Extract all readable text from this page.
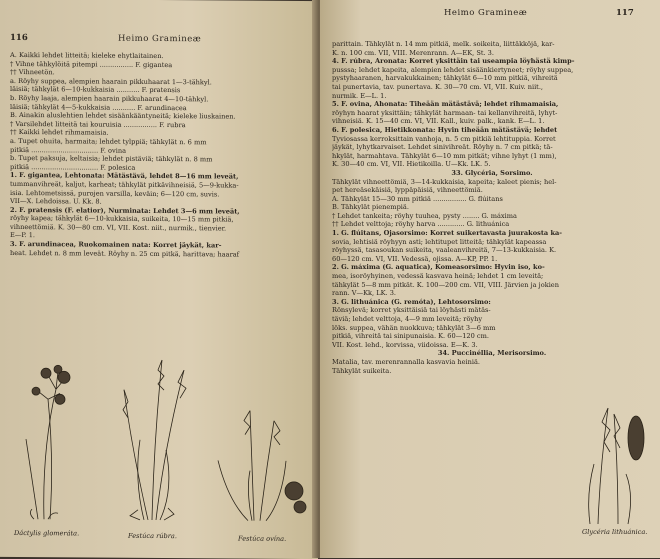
116	Heimo Gramineæ
A. Kaikki lehdet litteitä; kieleke ehytlaitainen.
† Vihne tähkylöitä pitempi ................ F. gigantea
†† Vihneetön.
a. Röyhy suppea, alempien haarain pikkuhaarat 1—3-tähkyl.
läisiä; tähkylät 6—10-kukkaisia ........... F. pratensis
b. Röyhy laaja, alempien haarain pikkuhaarat 4—10-tähkyl.
läisiä; tähkylät 4—5-kukkaisia ........... F. arundinacea
B. Ainakin aluslehtien lehdet sisäänkääntyneitä; kieleke liuskainen.
† Varsilehdet litteitä tai kouruisia ................ F. rubra
†† Kaikki lehdet rihmamaisia.
a. Tupet ohuita, harmaita; lehdet tylppiä; tähkylät n. 6 mm
pitkiä ................................ F. ovina
b. Tupet paksuja, keltaisia; lehdet pistäviä; tähkylät n. 8 mm
pitkiä ................................ F. polesica
1. F. gigantea, Lehtonata: Mätästävä, lehdet 8—16 mm leveät,
tummanvihreät, kaljut, karheat; tähkylät pitkävihneisiä, 5—9-kukka-
isia. Lehtometsissä, purojen varsilla, keväin; 6—120 cm, suvis.
VII—X. Lehdoissa. U. Kk. 8.
2. F. pratensis (F. elatior), Nurminata: Lehdet 3—6 mm leveät,
röyhy kapea; tähkylät 6—10-kukkaisia, suikeita, 10—15 mm pitkiä,
vihneettömiä. K. 30—80 cm. VI, VII. Kost. niit., nurmik., tienvier.
E—P. 1.
3. F. arundinacea, Ruokomainen nata: Korret jäykät, kar-
heat. Lehdet n. 8 mm leveät. Röyhy n. 25 cm pitkä, harittava; haaraf
Dáctylis glomeráta.	Festúca rúbra.	Festúca ovína.
Heimo Gramineæ	117
parittain. Tähkylät n. 14 mm pitkiä, melk. soikeita, liittäkköjä, kar-
K. n. 100 cm. VII, VIII. Merenrann. A—EK, St. 3.
4. F. rúbra, Aronata: Korret yksittäin tai useampia löyhästä kimp-
pusssa; lehdet kapeita, alempien lehdet sisäänkiertyneet; röyhy suppea,
pystyhaaranen, harvakukkainen; tähkylät 6—10 mm pitkiä, vihreitä
tai punertavia, tav. punertava. K. 30—70 cm. VI, VII. Kuiv. niit.,
nurmik. E—L. 1.
5. F. ovina, Ahonata: Tiheään mätästävä; lehdet rihmamaisia,
röyhyn haarat yksittäin; tähkylät harmaan- tai kellanvihreitä, lyhyt-
vihneisiä. K. 15—40 cm. VI, VII. Kall., kuiv. palk., kank. E—L. 1.
6. F. polesica, Hietikkonata: Hyvin tiheään mätästävä; lehdet
Tyviosassa kerroksittain vanhoja, n. 5 cm pitkiä lehtituppia. Korret
jäykät, lyhytkarvaiset. Lehdet sinivihreät. Röyhy n. 7 cm pitkä; tä-
hkylät, harmahtava. Tähkylät 6—10 mm pitkät; vihne lyhyt (1 mm),
K. 30—40 cm. VI, VII. Hietikoilla. U—Kk. LK. 5.
33. Glycéria, Sorsimo.
Tähkylät vihneettömiä, 3—14-kukkaisia, kapeita; kaleet pienis; hel-
pet hereäsekäisiä, lyppäpäisiä, vihneettömiä.
A. Tähkylät 15—30 mm pitkiä ................ G. flúitans
B. Tähkylät pienempiä.
† Lehdet tankeita; röyhy tuuhea, pysty ........ G. máxima
†† Lehdet velttoja; röyhy harva ............. G. lithuánica
1. G. flúitans, Ojasorsimo: Korret suikertavasta juurakosta ka-
sovia, lehtisiä röyhyyn asti; lehtitupet litteitä; tähkylät kapeassa
röyhyssä, tasasoukan suikeita, vaaleanvihreitä, 7—13-kukkaisia. K.
60—120 cm. VI, VII. Vedessä, ojissa. A—KP, PP. 1.
2. G. máxima (G. aquatica), Komeasorsimo: Hyvin iso, ko-
mea, isoröyhyinen, vedessä kasvava heinä; lehdet 1 cm leveitä;
tähkylät 5—8 mm pitkät. K. 100—200 cm. VII, VIII. Järvien ja jokien
rann. V—Kk, LK. 3.
3. G. lithuánica (G. remóta), Lehtosorsimo:
Rönsylevä; korret yksittäisiä tai löyhästi mätäs-
täviä; lehdet velttoja, 4—9 mm leveitä; röyhy
löks. suppea, vähän nuokkuva; tähkylät 3—6 mm
pitkiä, vihreitä tai sinipunaisia. K. 60—120 cm.
VII. Kost. lehd., korvissa, viidoissa. E—K. 3.
34. Puccinéllia, Merisorsimo.
Matalia, tav. merenrannalla kasvavia heiniä.
Tähkylät suikeita.
Glycéria lithuánica.
